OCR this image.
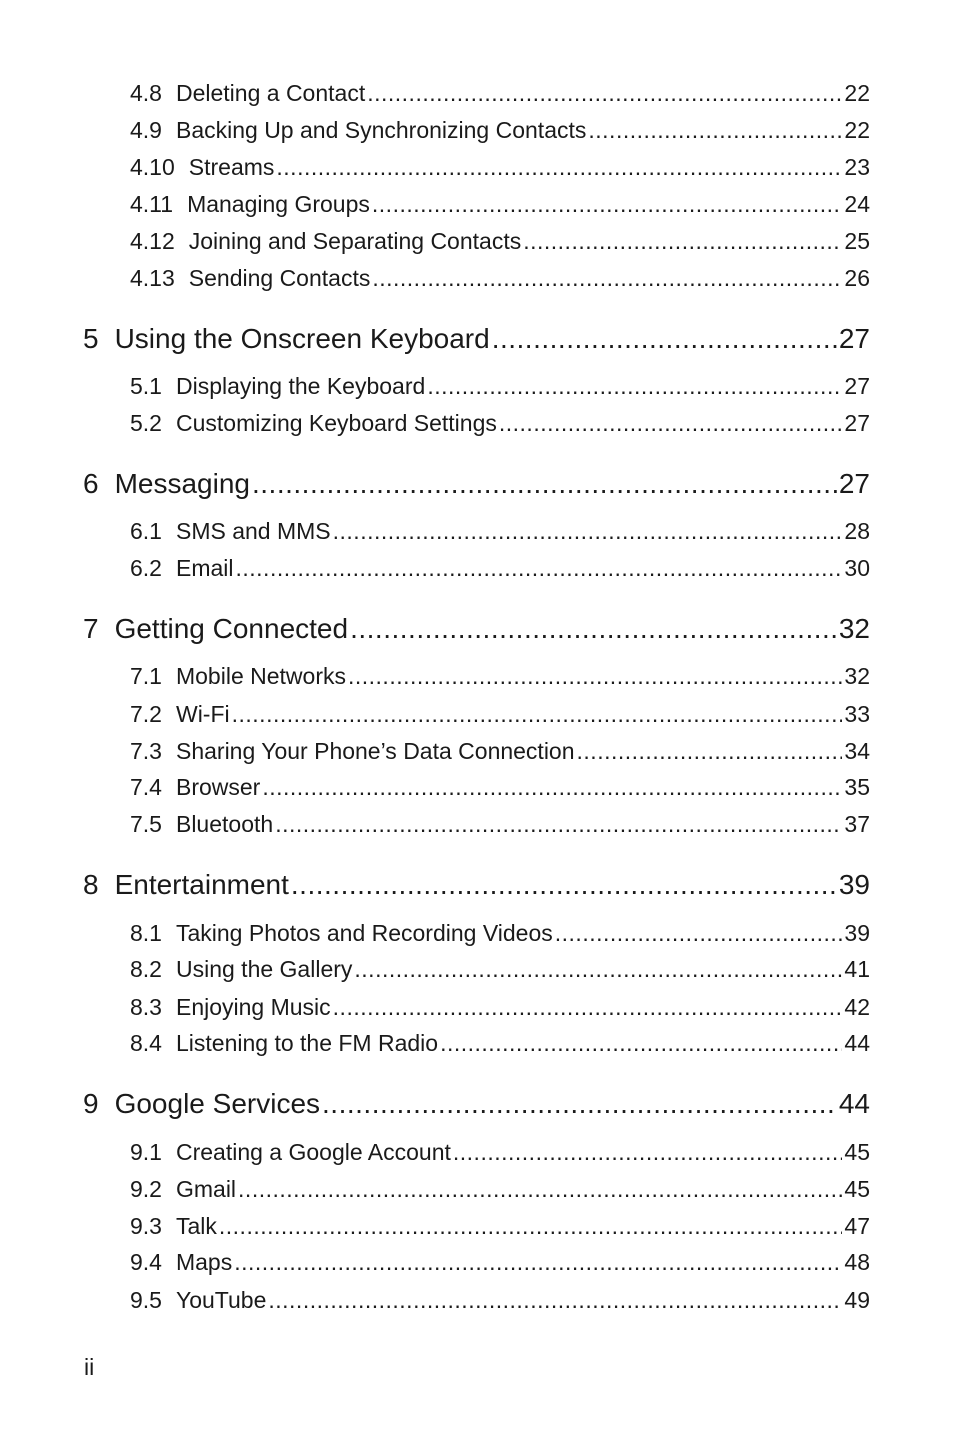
4.8 Deleting a Contact .....	22
4.9 Backing Up and Synchronizing Contacts .....	22
4.10 Streams .....	23
4.11 Managing Groups .....	24
4.12 Joining and Separating Contacts .....	25
4.13 Sending Contacts .....	26
5 Using the Onscreen Keyboard .....	27
5.1 Displaying the Keyboard .....	27
5.2 Customizing Keyboard Settings .....	27
6 Messaging .....	27
6.1 SMS and MMS .....	28
6.2 Email .....	30
7 Getting Connected .....	32
7.1 Mobile Networks .....	32
7.2 Wi-Fi .....	33
7.3 Sharing Your Phone’s Data Connection .....	34
7.4 Browser .....	35
7.5 Bluetooth .....	37
8 Entertainment .....	39
8.1 Taking Photos and Recording Videos .....	39
8.2 Using the Gallery .....	41
8.3 Enjoying Music .....	42
8.4 Listening to the FM Radio .....	44
9 Google Services .....	44
9.1 Creating a Google Account .....	45
9.2 Gmail .....	45
9.3 Talk .....	47
9.4 Maps .....	48
9.5 YouTube .....	49
ii
